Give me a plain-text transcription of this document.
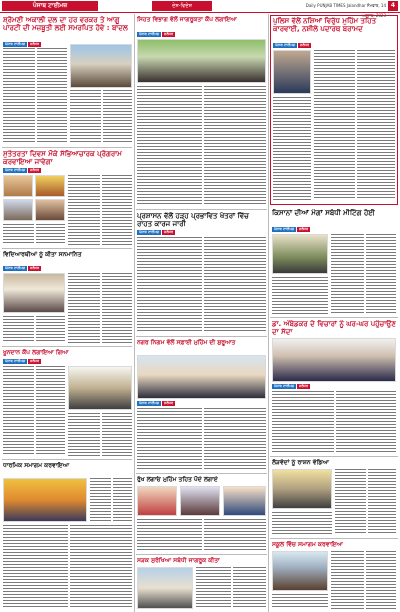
ਪੰਜਾਬ ਟਾਈਮਜ਼	ਦੇਸ਼-ਵਿਦੇਸ਼	Daily PUNJAB TIMES Jalandhar ਸੋਮਵਾਰ, 14 ਅਗਸਤ, 2023
4
ਸ਼੍ਰੋਮਣੀ ਅਕਾਲੀ ਦਲ ਦਾ ਹਰ ਵਰਕਰ ਤੇ ਆਗੂ ਪਾਰਟੀ ਦੀ ਮਜ਼ਬੂਤੀ ਲਈ ਸਮਰਪਿਤ ਹੋਵੇ : ਬਾਦਲ
ਪੰਜਾਬ ਟਾਈਮਜ਼ ਜਲੰਧਰ
ਸੁਤੰਤਰਤਾ ਦਿਵਸ ਮੌਕੇ ਸੱਭਿਆਚਾਰਕ ਪ੍ਰੋਗਰਾਮ ਕਰਵਾਇਆ ਜਾਵੇਗਾ
ਪੰਜਾਬ ਟਾਈਮਜ਼ ਜਲੰਧਰ
ਵਿਦਿਆਰਥੀਆਂ ਨੂੰ ਕੀਤਾ ਸਨਮਾਨਿਤ
ਪੰਜਾਬ ਟਾਈਮਜ਼ ਜਲੰਧਰ
ਖੂਨਦਾਨ ਕੈਂਪ ਲਗਾਇਆ ਗਿਆ
ਪੰਜਾਬ ਟਾਈਮਜ਼ ਜਲੰਧਰ
ਧਾਰਮਿਕ ਸਮਾਗਮ ਕਰਵਾਇਆ
ਸਿਹਤ ਵਿਭਾਗ ਵੱਲੋਂ ਜਾਗਰੂਕਤਾ ਕੈਂਪ ਲਗਾਇਆ
ਪੰਜਾਬ ਟਾਈਮਜ਼ ਜਲੰਧਰ
ਪ੍ਰਸ਼ਾਸਨ ਵੱਲੋਂ ਹੜ੍ਹ ਪ੍ਰਭਾਵਿਤ ਖੇਤਰਾਂ ਵਿੱਚ ਰਾਹਤ ਕਾਰਜ ਜਾਰੀ
ਪੰਜਾਬ ਟਾਈਮਜ਼ ਜਲੰਧਰ
ਨਗਰ ਨਿਗਮ ਵੱਲੋਂ ਸਫ਼ਾਈ ਮੁਹਿੰਮ ਦੀ ਸ਼ੁਰੂਆਤ
ਪੰਜਾਬ ਟਾਈਮਜ਼ ਜਲੰਧਰ
ਰੁੱਖ ਲਗਾਓ ਮੁਹਿੰਮ ਤਹਿਤ ਪੌਦੇ ਲਗਾਏ
ਸੜਕ ਸੁਰੱਖਿਆ ਸਬੰਧੀ ਜਾਗਰੂਕ ਕੀਤਾ
ਪੁਲਿਸ ਵੱਲੋਂ ਨਸ਼ਿਆਂ ਵਿਰੁੱਧ ਮੁਹਿੰਮ ਤਹਿਤ ਕਾਰਵਾਈ, ਨਸ਼ੀਲੇ ਪਦਾਰਥ ਬਰਾਮਦ
ਪੰਜਾਬ ਟਾਈਮਜ਼ ਜਲੰਧਰ
ਕਿਸਾਨਾਂ ਦੀਆਂ ਮੰਗਾਂ ਸਬੰਧੀ ਮੀਟਿੰਗ ਹੋਈ
ਪੰਜਾਬ ਟਾਈਮਜ਼ ਜਲੰਧਰ
ਡਾ. ਅੰਬੇਡਕਰ ਦੇ ਵਿਚਾਰਾਂ ਨੂੰ ਘਰ-ਘਰ ਪਹੁੰਚਾਉਣ ਦਾ ਸੱਦਾ
ਪੰਜਾਬ ਟਾਈਮਜ਼ ਜਲੰਧਰ
ਲੋੜਵੰਦਾਂ ਨੂੰ ਰਾਸ਼ਨ ਵੰਡਿਆ
ਸਕੂਲ ਵਿੱਚ ਸਮਾਗਮ ਕਰਵਾਇਆ
